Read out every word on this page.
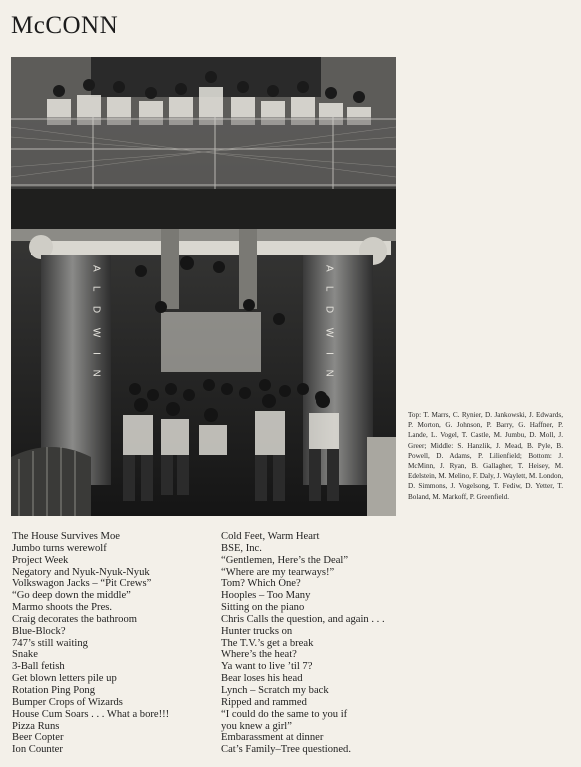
McCONN
A L D W I N	A L D W I N
Top: T. Marrs, C. Rynier, D. Jankowski, J. Edwards, P. Morton, G. Johnson, P. Barry, G. Haffner, P. Lande, L. Vogel, T. Castle, M. Jumbu, D. Moll, J. Greer; Middle: S. Hanzlik, J. Mead, B. Pyle, B. Powell, D. Adams, P. Lilienfield; Bottom: J. McMinn, J. Ryan, B. Gallagher, T. Heisey, M. Edelstein, M. Melino, F. Daly, J. Waylett, M. London, D. Simmons, J. Vogelsong, T. Fediw, D. Yetter, T. Boland, M. Markoff, P. Greenfield.
The House Survives Moe
Jumbo turns werewolf
Project Week
Negatory and Nyuk-Nyuk-Nyuk
Volkswagon Jacks – “Pit Crews”
“Go deep down the middle”
Marmo shoots the Pres.
Craig decorates the bathroom
Blue-Block?
747’s still waiting
Snake
3-Ball fetish
Get blown letters pile up
Rotation Ping Pong
Bumper Crops of Wizards
House Cum Soars . . . What a bore!!!
Pizza Runs
Beer Copter
Ion Counter
Cold Feet, Warm Heart
BSE, Inc.
“Gentlemen, Here’s the Deal”
“Where are my tearways!”
Tom? Which One?
Hooples – Too Many
Sitting on the piano
Chris Calls the question, and again . . .
Hunter trucks on
The T.V.’s get a break
Where’s the heat?
Ya want to live ’til 7?
Bear loses his head
Lynch – Scratch my back
Ripped and rammed
“I could do the same to you if
you knew a girl”
Embarassment at dinner
Cat’s Family–Tree questioned.
